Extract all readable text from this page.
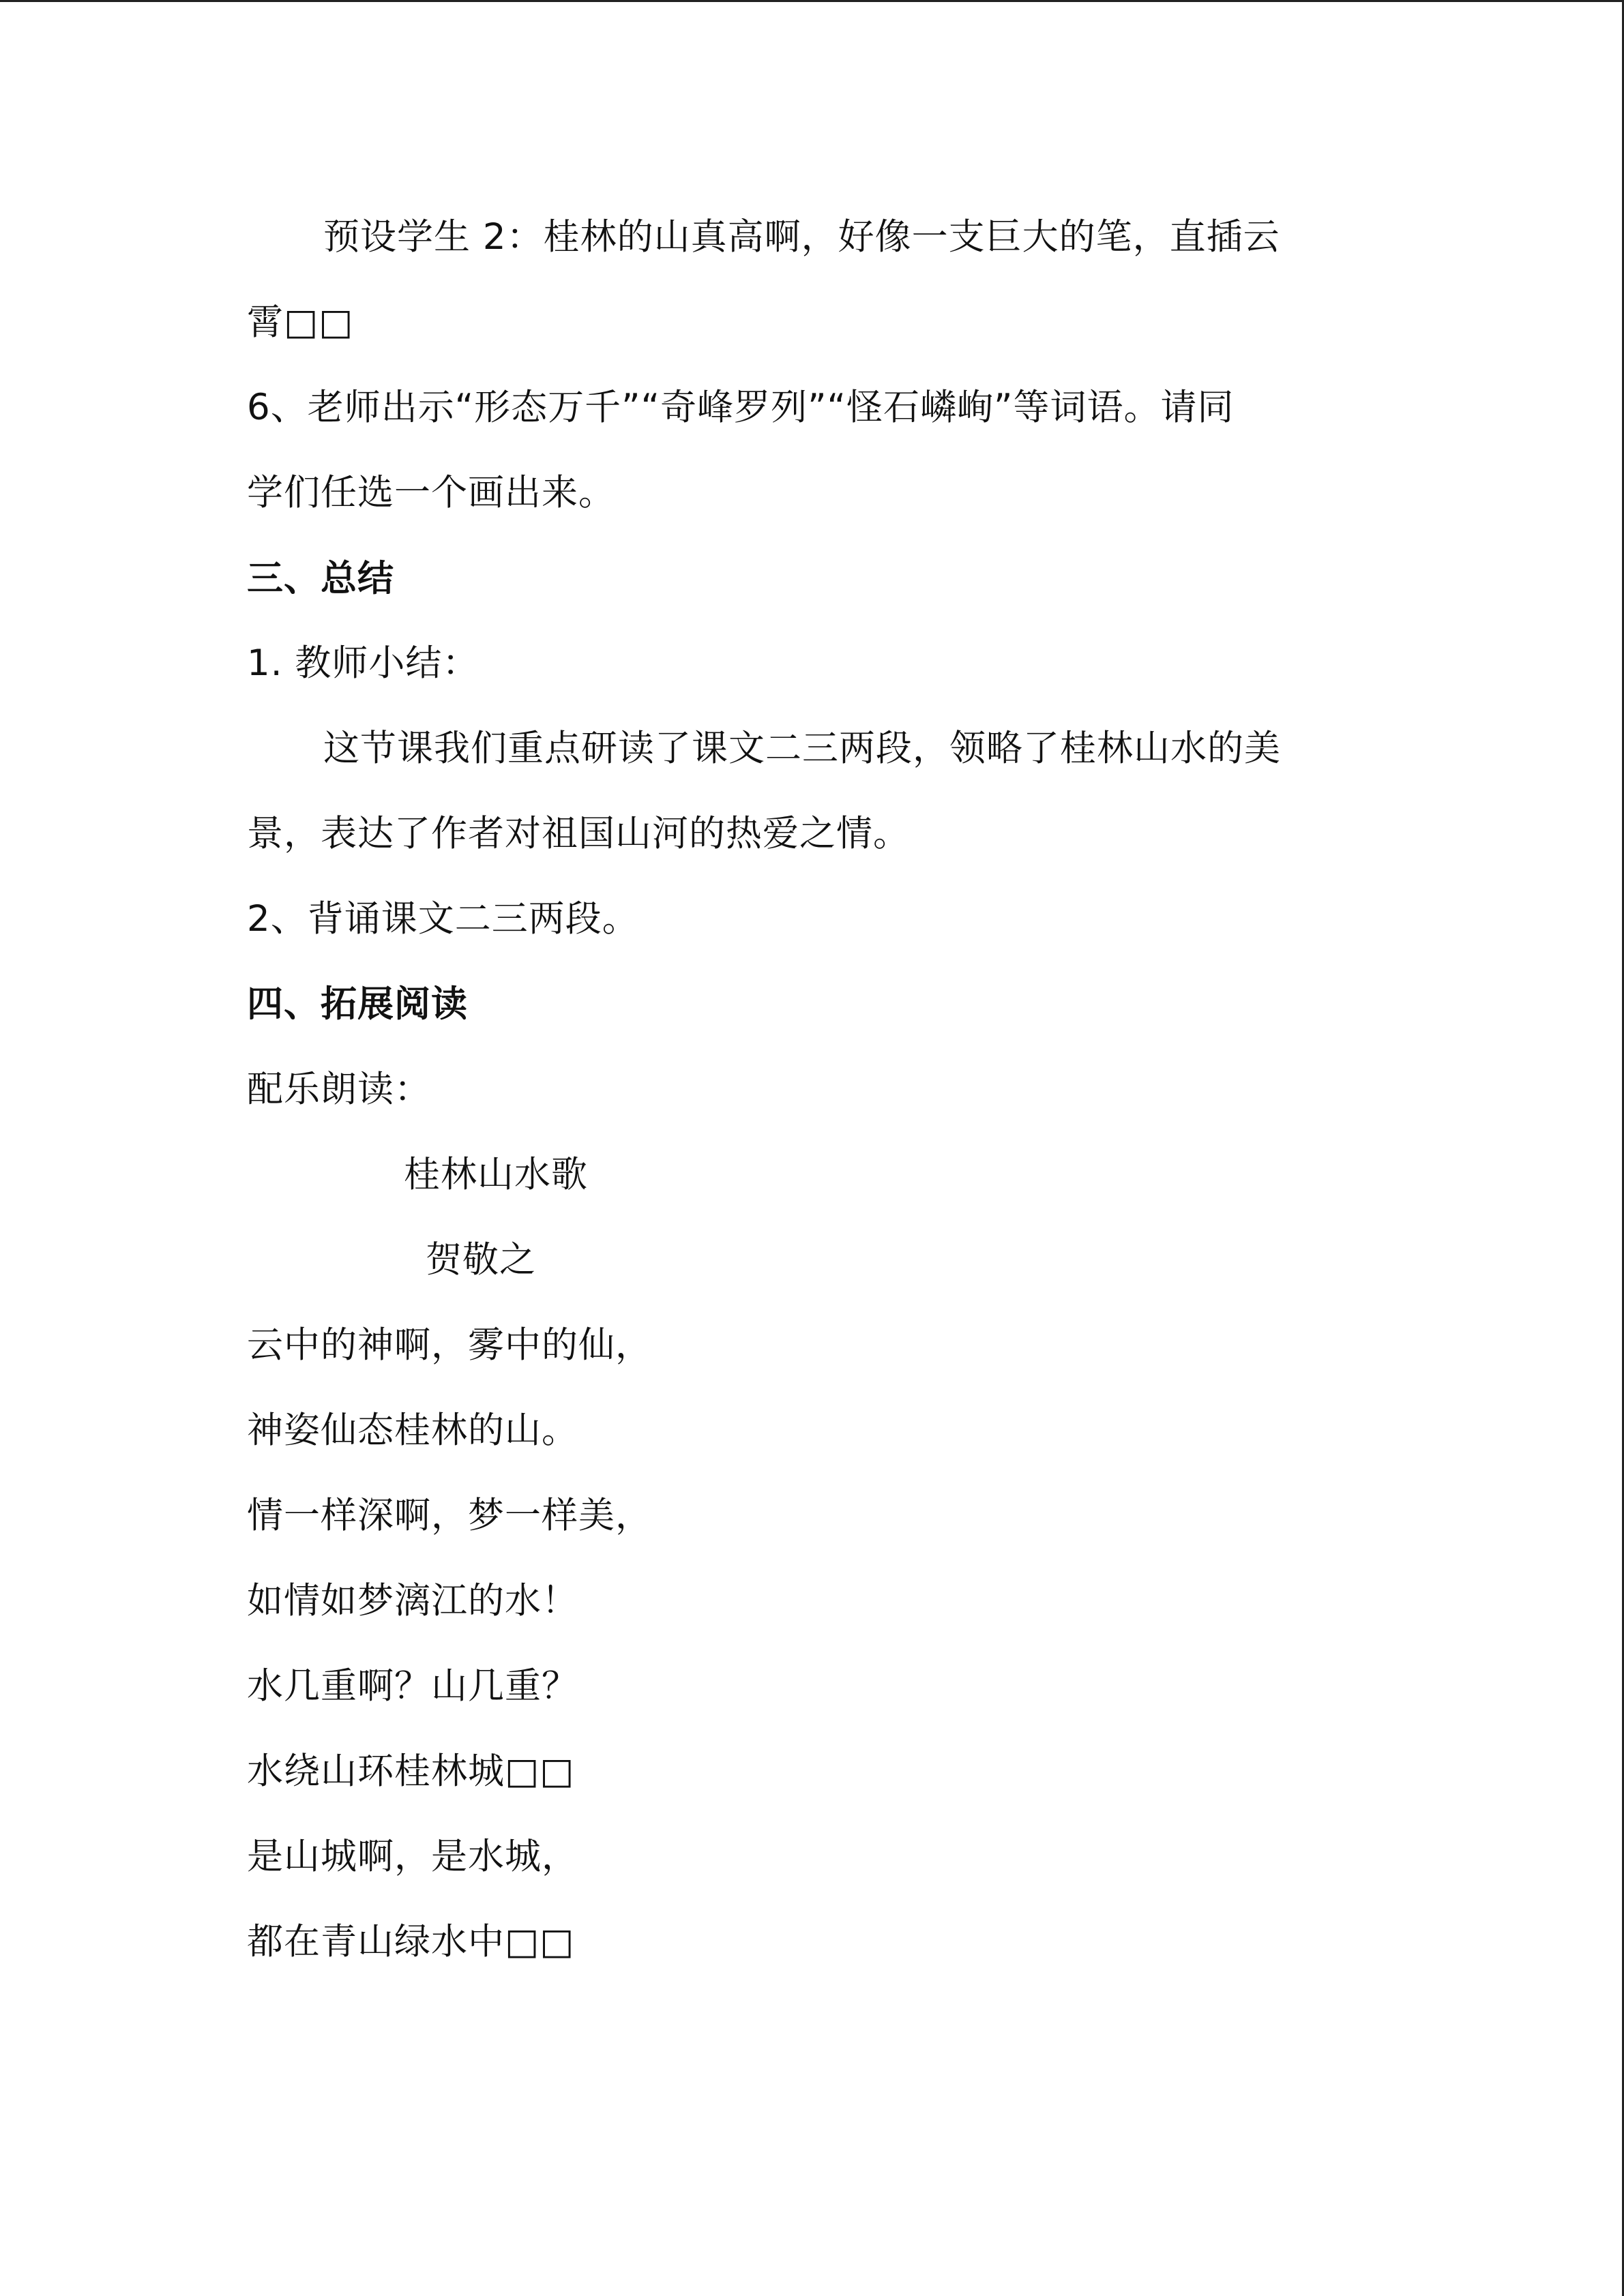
预设学生 2：桂林的山真高啊，好像一支巨大的笔，直插云
霄□□
6、老师出示“形态万千”“奇峰罗列”“怪石嶙峋”等词语。请同
学们任选一个画出来。
三、总结
1. 教师小结：
这节课我们重点研读了课文二三两段，领略了桂林山水的美
景，表达了作者对祖国山河的热爱之情。
2、背诵课文二三两段。
四、拓展阅读
配乐朗读：
桂林山水歌
贺敬之
云中的神啊，雾中的仙，
神姿仙态桂林的山。
情一样深啊，梦一样美，
如情如梦漓江的水！
水几重啊？山几重？
水绕山环桂林城□□
是山城啊，是水城，
都在青山绿水中□□
